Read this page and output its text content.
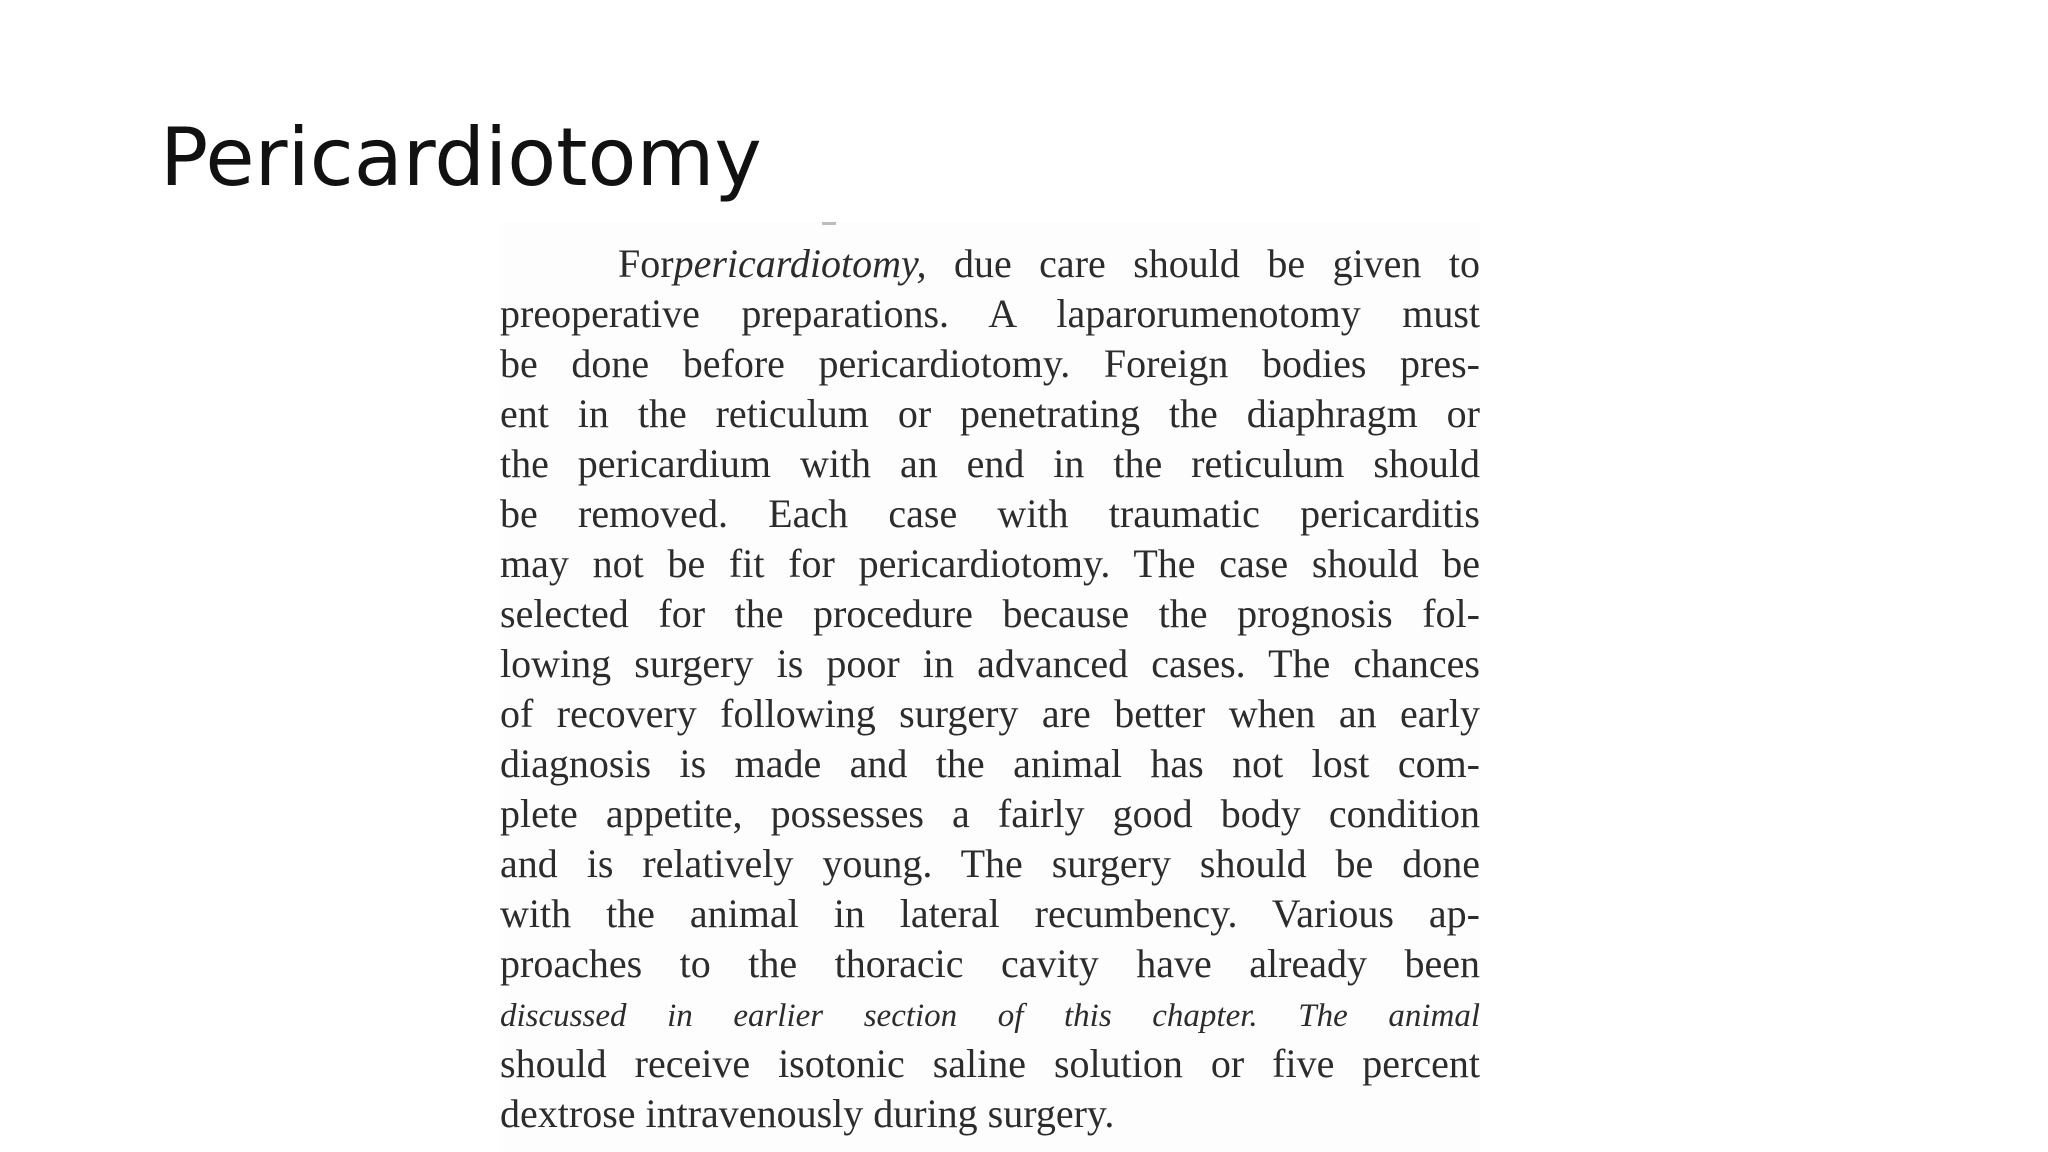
Pericardiotomy
Forpericardiotomy, due care should be given to
preoperative preparations. A laparorumenotomy must
be done before pericardiotomy. Foreign bodies pres-
ent in the reticulum or penetrating the diaphragm or
the pericardium with an end in the reticulum should
be removed. Each case with traumatic pericarditis
may not be fit for pericardiotomy. The case should be
selected for the procedure because the prognosis fol-
lowing surgery is poor in advanced cases. The chances
of recovery following surgery are better when an early
diagnosis is made and the animal has not lost com-
plete appetite, possesses a fairly good body condition
and is relatively young. The surgery should be done
with the animal in lateral recumbency. Various ap-
proaches to the thoracic cavity have already been
discussed in earlier section of this chapter. The animal
should receive isotonic saline solution or five percent
dextrose intravenously during surgery.
